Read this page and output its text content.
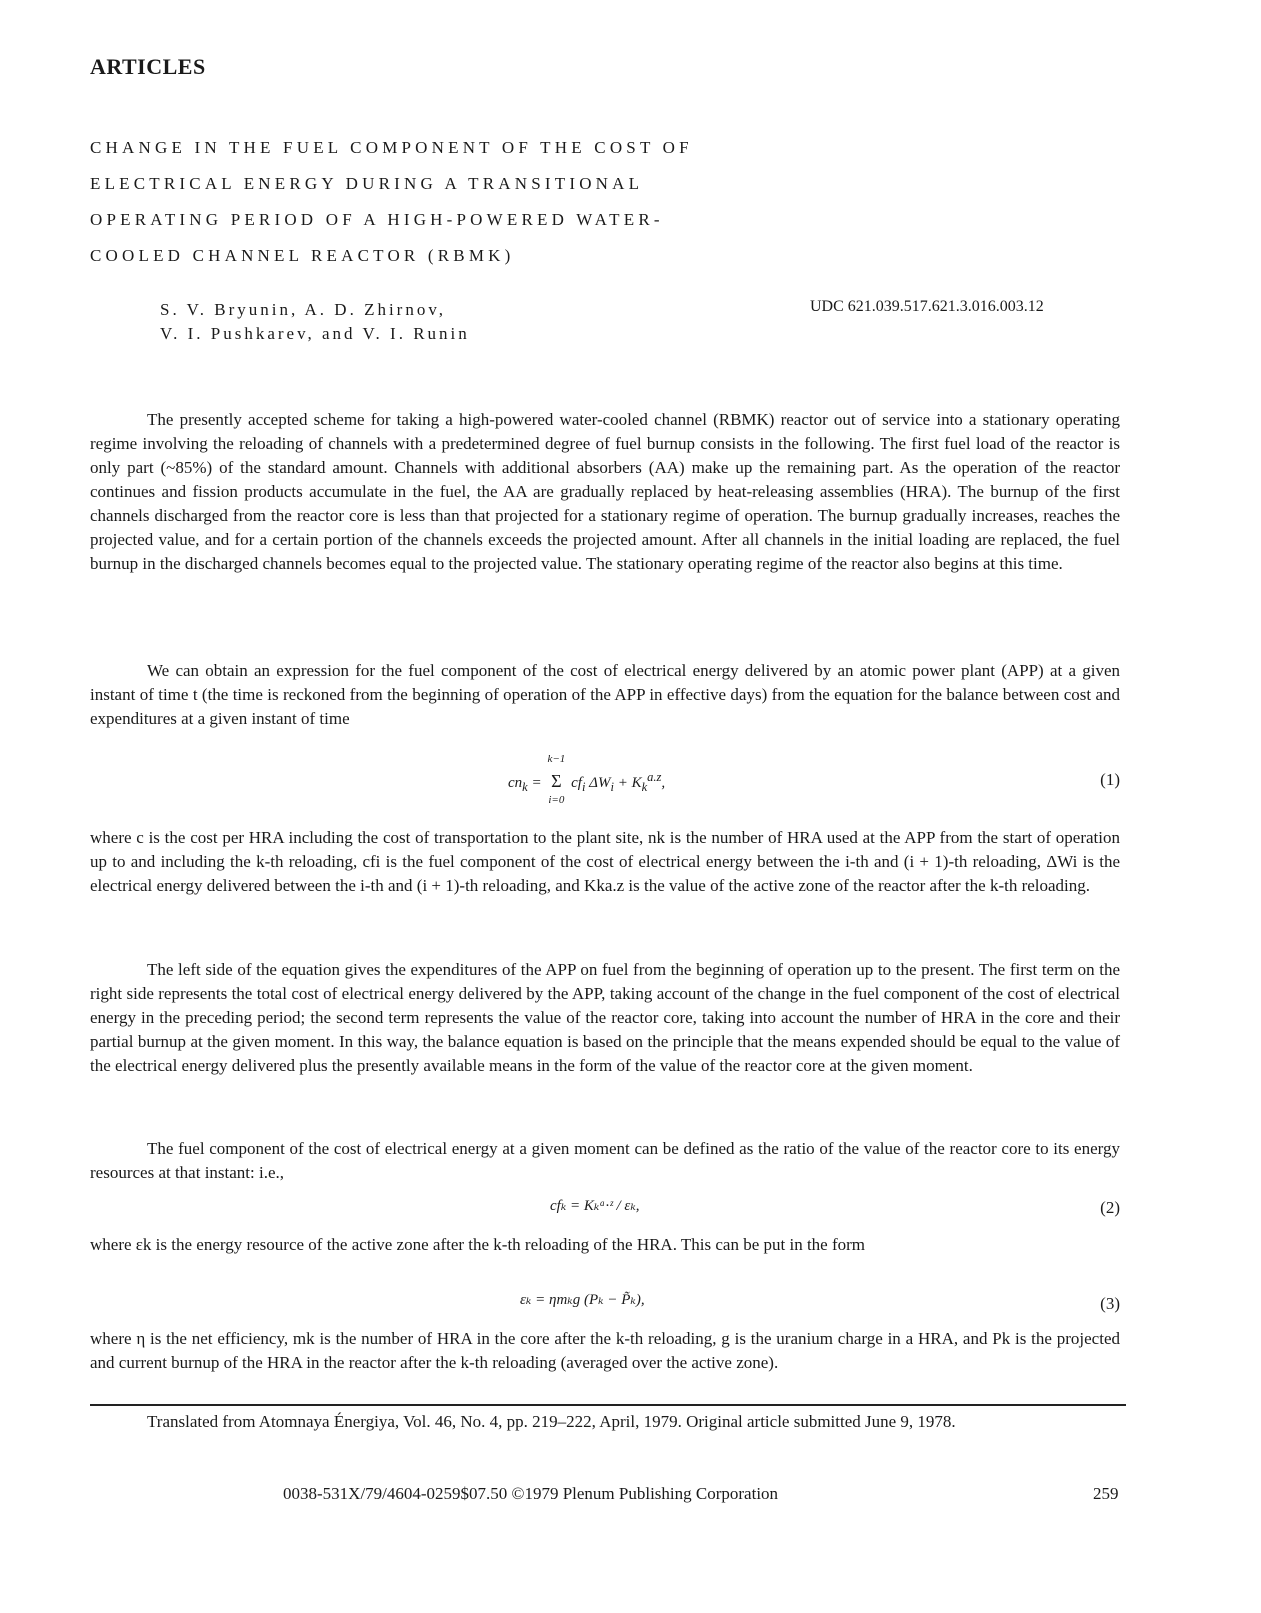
ARTICLES
CHANGE IN THE FUEL COMPONENT OF THE COST OF
ELECTRICAL ENERGY DURING A TRANSITIONAL
OPERATING PERIOD OF A HIGH-POWERED WATER-
COOLED CHANNEL REACTOR (RBMK)
S. V. Bryunin, A. D. Zhirnov,
V. I. Pushkarev, and V. I. Runin
UDC 621.039.517.621.3.016.003.12

The presently accepted scheme for taking a high-powered water-cooled channel (RBMK) reactor out of service into a stationary operating regime involving the reloading of channels with a predetermined degree of fuel burnup consists in the following. The first fuel load of the reactor is only part (~85%) of the standard amount. Channels with additional absorbers (AA) make up the remaining part. As the operation of the reactor continues and fission products accumulate in the fuel, the AA are gradually replaced by heat-releasing assemblies (HRA). The burnup of the first channels discharged from the reactor core is less than that projected for a stationary regime of operation. The burnup gradually increases, reaches the projected value, and for a certain portion of the channels exceeds the projected amount. After all channels in the initial loading are replaced, the fuel burnup in the discharged channels becomes equal to the projected value. The stationary operating regime of the reactor also begins at this time.

We can obtain an expression for the fuel component of the cost of electrical energy delivered by an atomic power plant (APP) at a given instant of time t (the time is reckoned from the beginning of operation of the APP in effective days) from the equation for the balance between cost and expenditures at a given instant of time

$cn_k$ =
k−1
Σ
i=0
$cf_i$ $\Delta W_i + K_k^{a.z}$,	(1)

where c is the cost per HRA including the cost of transportation to the plant site, nk is the number of HRA used at the APP from the start of operation up to and including the k-th reloading, cfi is the fuel component of the cost of electrical energy between the i-th and (i + 1)-th reloading, ΔWi is the electrical energy delivered between the i-th and (i + 1)-th reloading, and Kka.z is the value of the active zone of the reactor after the k-th reloading.

The left side of the equation gives the expenditures of the APP on fuel from the beginning of operation up to the present. The first term on the right side represents the total cost of electrical energy delivered by the APP, taking account of the change in the fuel component of the cost of electrical energy in the preceding period; the second term represents the value of the reactor core, taking into account the number of HRA in the core and their partial burnup at the given moment. In this way, the balance equation is based on the principle that the means expended should be equal to the value of the electrical energy delivered plus the presently available means in the form of the value of the reactor core at the given moment.

The fuel component of the cost of electrical energy at a given moment can be defined as the ratio of the value of the reactor core to its energy resources at that instant: i.e.,

cfₖ = Kₖᵃ·ᶻ / εₖ,	(2)

where εk is the energy resource of the active zone after the k-th reloading of the HRA. This can be put in the form

εₖ = ηmₖg (Pₖ − P̃ₖ),	(3)

where η is the net efficiency, mk is the number of HRA in the core after the k-th reloading, g is the uranium charge in a HRA, and Pk is the projected and current burnup of the HRA in the reactor after the k-th reloading (averaged over the active zone).

Translated from Atomnaya Énergiya, Vol. 46, No. 4, pp. 219–222, April, 1979. Original article submitted June 9, 1978.

0038-531X/79/4604-0259$07.50 ©1979 Plenum Publishing Corporation	259
